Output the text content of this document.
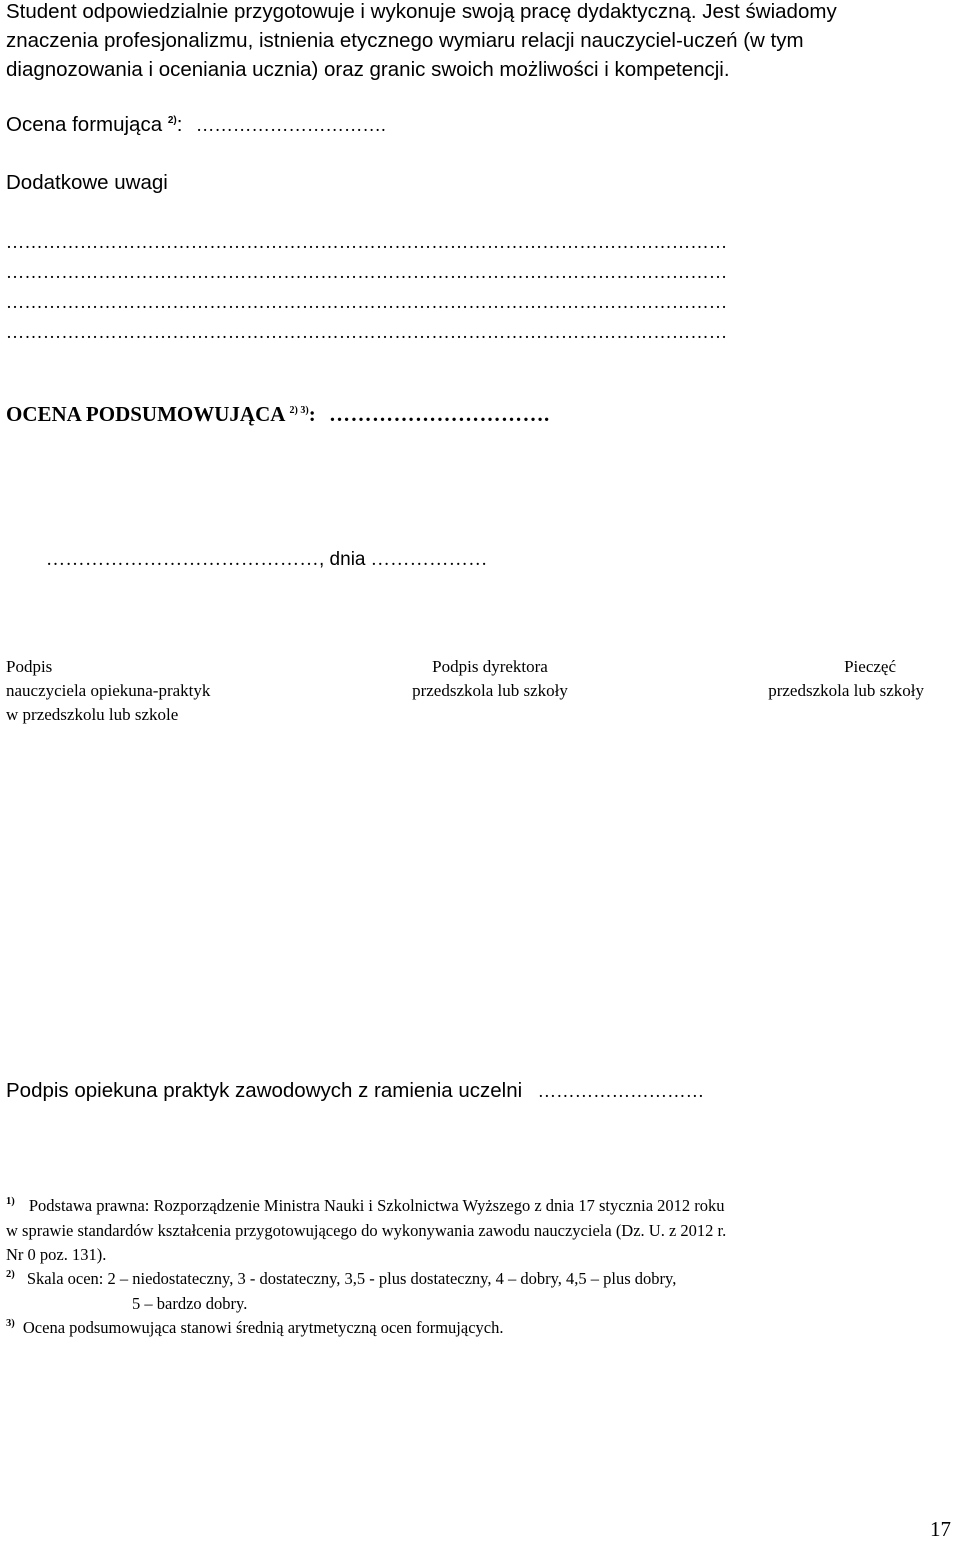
Student odpowiedzialnie przygotowuje i wykonuje swoją pracę dydaktyczną. Jest świadomy
znaczenia profesjonalizmu, istnienia etycznego wymiaru relacji nauczyciel-uczeń (w tym
diagnozowania i oceniania ucznia) oraz granic swoich możliwości i kompetencji.
Ocena formująca $^{2)}$: ………………………….
Dodatkowe uwagi
………………………………………………………………………………………………………
………………………………………………………………………………………………………
………………………………………………………………………………………………………
………………………………………………………………………………………………………
OCENA PODSUMOWUJĄCA $^{2) 3)}$: ………………………….
……………………………………, dnia ………………
Podpis
nauczyciela opiekuna-praktyk
w przedszkolu lub szkole
Podpis dyrektora
przedszkola lub szkoły
Pieczęć
przedszkola lub szkoły
Podpis opiekuna praktyk zawodowych z ramienia uczelni ………………………
$^{1)}$ Podstawa prawna: Rozporządzenie Ministra Nauki i Szkolnictwa Wyższego z dnia 17 stycznia 2012 roku
w sprawie standardów kształcenia przygotowującego do wykonywania zawodu nauczyciela (Dz. U. z 2012 r.
Nr 0 poz. 131).
$^{2)}$ Skala ocen: 2 – niedostateczny, 3 - dostateczny, 3,5 - plus dostateczny, 4 – dobry, 4,5 – plus dobry,
5 – bardzo dobry.
$^{3)}$ Ocena podsumowująca stanowi średnią arytmetyczną ocen formujących.
17
